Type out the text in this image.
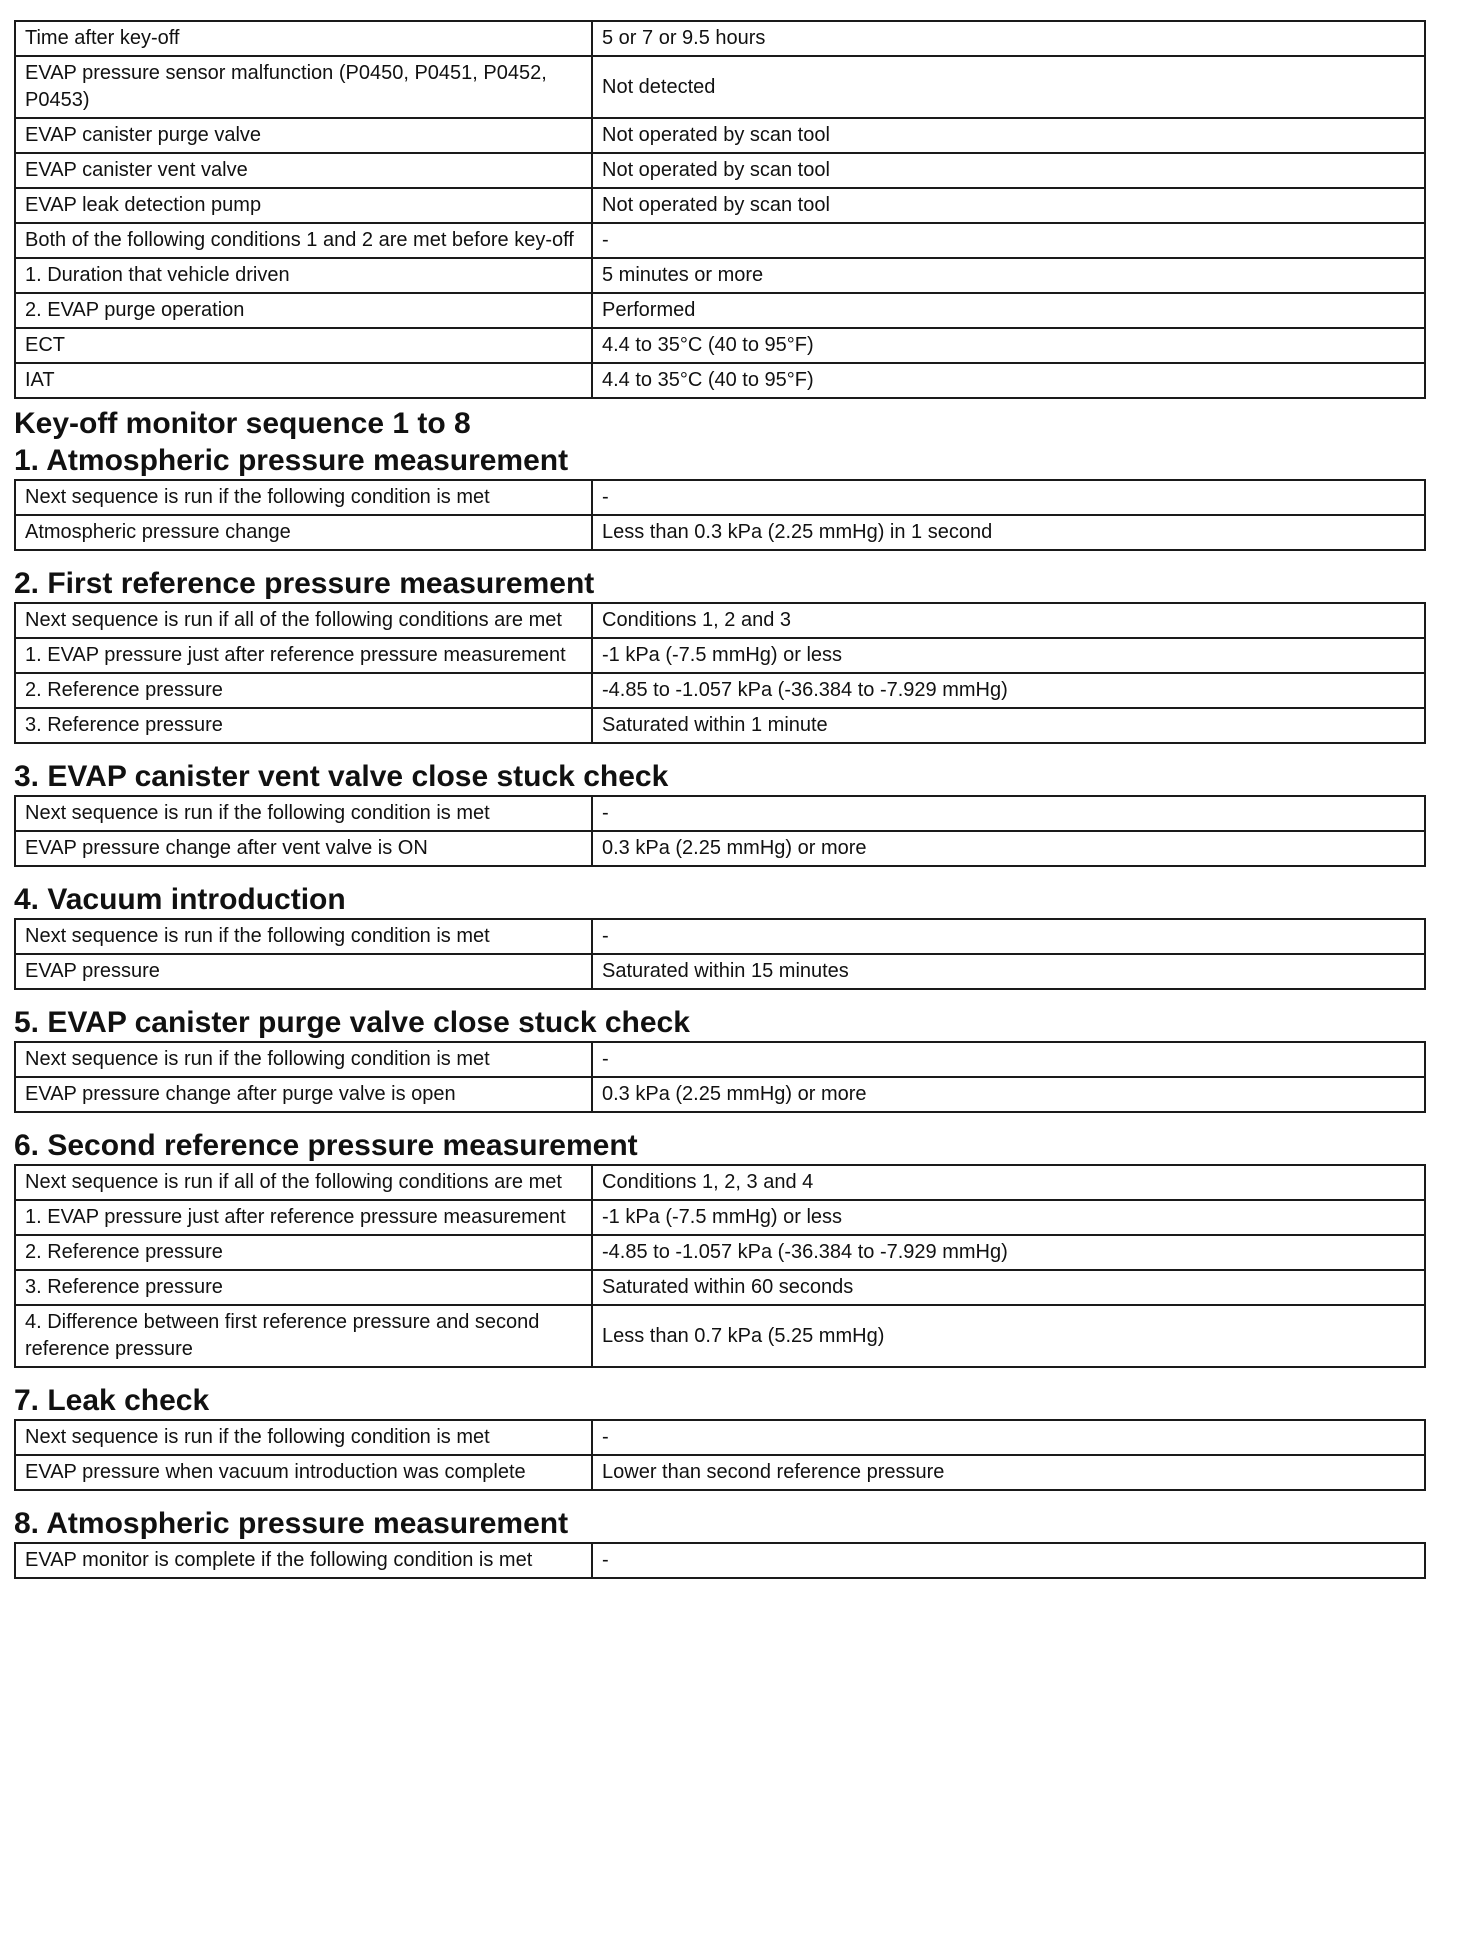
Time after key-off	5 or 7 or 9.5 hours
EVAP pressure sensor malfunction (P0450, P0451, P0452, P0453)	Not detected
EVAP canister purge valve	Not operated by scan tool
EVAP canister vent valve	Not operated by scan tool
EVAP leak detection pump	Not operated by scan tool
Both of the following conditions 1 and 2 are met before key-off	-
1. Duration that vehicle driven	5 minutes or more
2. EVAP purge operation	Performed
ECT	4.4 to 35°C (40 to 95°F)
IAT	4.4 to 35°C (40 to 95°F)
Key-off monitor sequence 1 to 8
1. Atmospheric pressure measurement
Next sequence is run if the following condition is met	-
Atmospheric pressure change	Less than 0.3 kPa (2.25 mmHg) in 1 second
2. First reference pressure measurement
Next sequence is run if all of the following conditions are met	Conditions 1, 2 and 3
1. EVAP pressure just after reference pressure measurement	-1 kPa (-7.5 mmHg) or less
2. Reference pressure	-4.85 to -1.057 kPa (-36.384 to -7.929 mmHg)
3. Reference pressure	Saturated within 1 minute
3. EVAP canister vent valve close stuck check
Next sequence is run if the following condition is met	-
EVAP pressure change after vent valve is ON	0.3 kPa (2.25 mmHg) or more
4. Vacuum introduction
Next sequence is run if the following condition is met	-
EVAP pressure	Saturated within 15 minutes
5. EVAP canister purge valve close stuck check
Next sequence is run if the following condition is met	-
EVAP pressure change after purge valve is open	0.3 kPa (2.25 mmHg) or more
6. Second reference pressure measurement
Next sequence is run if all of the following conditions are met	Conditions 1, 2, 3 and 4
1. EVAP pressure just after reference pressure measurement	-1 kPa (-7.5 mmHg) or less
2. Reference pressure	-4.85 to -1.057 kPa (-36.384 to -7.929 mmHg)
3. Reference pressure	Saturated within 60 seconds
4. Difference between first reference pressure and second reference pressure	Less than 0.7 kPa (5.25 mmHg)
7. Leak check
Next sequence is run if the following condition is met	-
EVAP pressure when vacuum introduction was complete	Lower than second reference pressure
8. Atmospheric pressure measurement
EVAP monitor is complete if the following condition is met	-
